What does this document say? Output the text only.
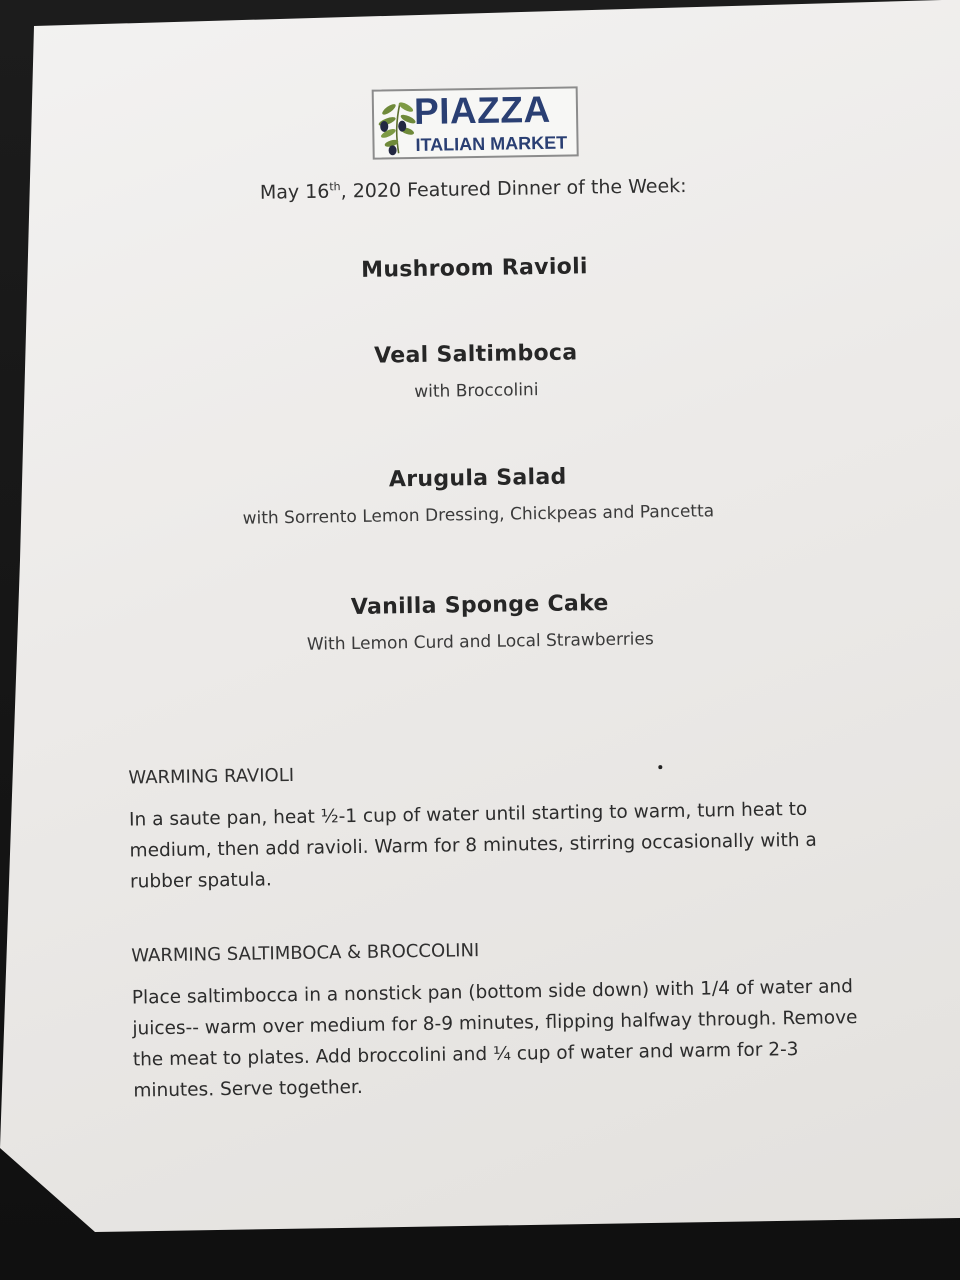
PIAZZA
ITALIAN MARKET
May 16th, 2020 Featured Dinner of the Week:
Mushroom Ravioli
Veal Saltimboca
with Broccolini
Arugula Salad
with Sorrento Lemon Dressing, Chickpeas and Pancetta
Vanilla Sponge Cake
With Lemon Curd and Local Strawberries
WARMING RAVIOLI
In a saute pan, heat ½-1 cup of water until starting to warm, turn heat to medium, then add ravioli. Warm for 8 minutes, stirring occasionally with a rubber spatula.
WARMING SALTIMBOCA & BROCCOLINI
Place saltimbocca in a nonstick pan (bottom side down) with 1/4 of water and juices-- warm over medium for 8-9 minutes, flipping halfway through. Remove the meat to plates. Add broccolini and ¼ cup of water and warm for 2-3 minutes. Serve together.
